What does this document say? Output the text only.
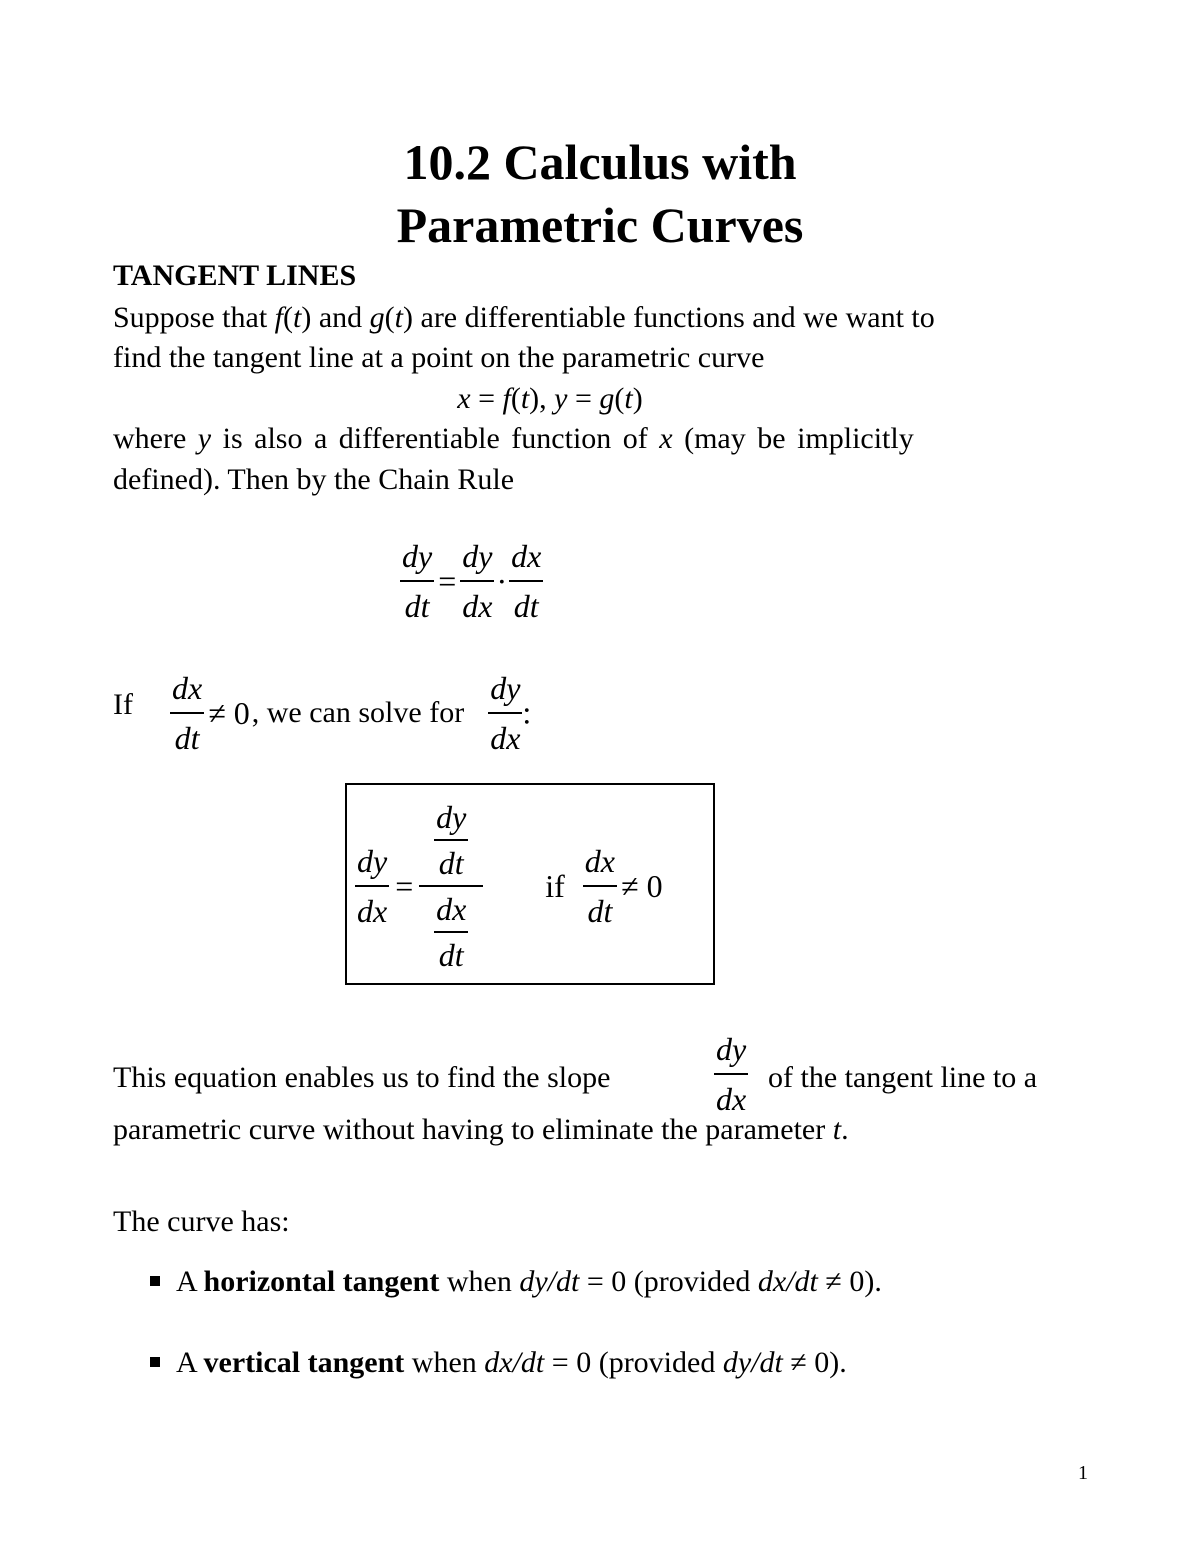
10.2 Calculus with
Parametric Curves
TANGENT LINES
Suppose that f(t) and g(t) are differentiable functions and we want to
find the tangent line at a point on the parametric curve
x = f(t), y = g(t)
where y is also a differentiable function of x (may be implicitly
defined). Then by the Chain Rule
$\frac{dy}{dt} = \frac{dy}{dx} \cdot \frac{dx}{dt}$
If $\frac{dx}{dt} \ne 0$, we can solve for $\frac{dy}{dx}$ :
$\frac{dy}{dx} = \frac{\frac{dy}{dt}}{\frac{dx}{dt}}$ if $\frac{dx}{dt} \ne 0$
This equation enables us to find the slope	$\frac{dy}{dx}$ of the tangent line to a
parametric curve without having to eliminate the parameter t.
The curve has:
A horizontal tangent when dy/dt = 0 (provided dx/dt ≠ 0).
A vertical tangent when dx/dt = 0 (provided dy/dt ≠ 0).
1
